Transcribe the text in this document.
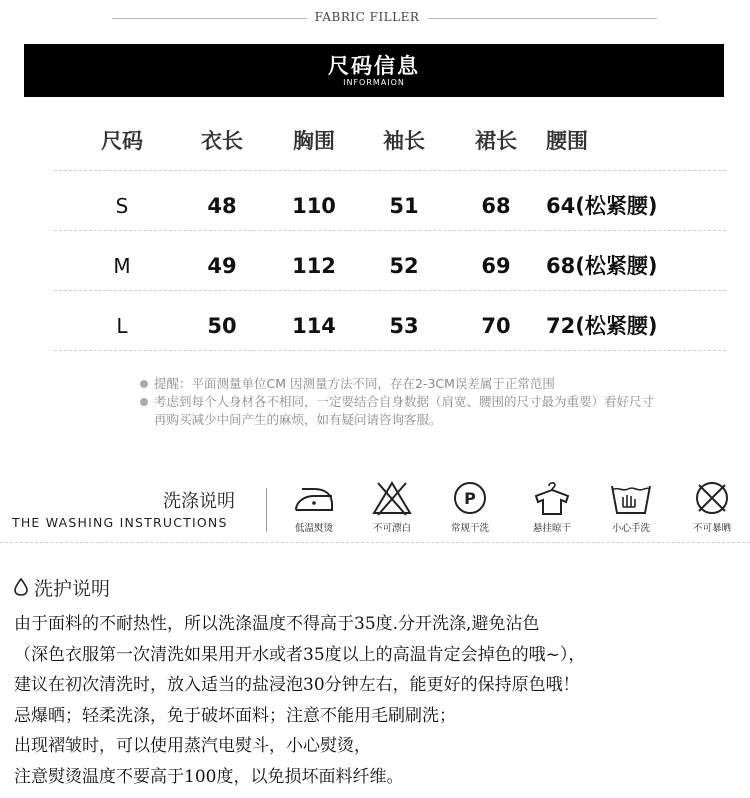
FABRIC FILLER
尺码信息
INFORMAION
尺码	衣长	胸围	袖长	裙长	腰围
S	48	110	51	68	64(松紧腰)
M	49	112	52	69	68(松紧腰)
L	50	114	53	70	72(松紧腰)
提醒：平面测量单位CM 因测量方法不同，存在2-3CM误差属于正常范围
考虑到每个人身材各不相同，一定要结合自身数据（肩宽、腰围的尺寸最为重要）看好尺寸再购买减少中间产生的麻烦，如有疑问请咨询客服。
洗涤说明
THE WASHING INSTRUCTIONS	低温熨烫	不可漂白
P
常规干洗	悬挂晾干	小心手洗	不可暴晒
洗护说明
由于面料的不耐热性，所以洗涤温度不得高于35度.分开洗涤,避免沾色
（深色衣服第一次清洗如果用开水或者35度以上的高温肯定会掉色的哦~），
建议在初次清洗时，放入适当的盐浸泡30分钟左右，能更好的保持原色哦！
忌爆晒；轻柔洗涤，免于破坏面料；注意不能用毛刷刷洗；
出现褶皱时，可以使用蒸汽电熨斗，小心熨烫，
注意熨烫温度不要高于100度，以免损坏面料纤维。
